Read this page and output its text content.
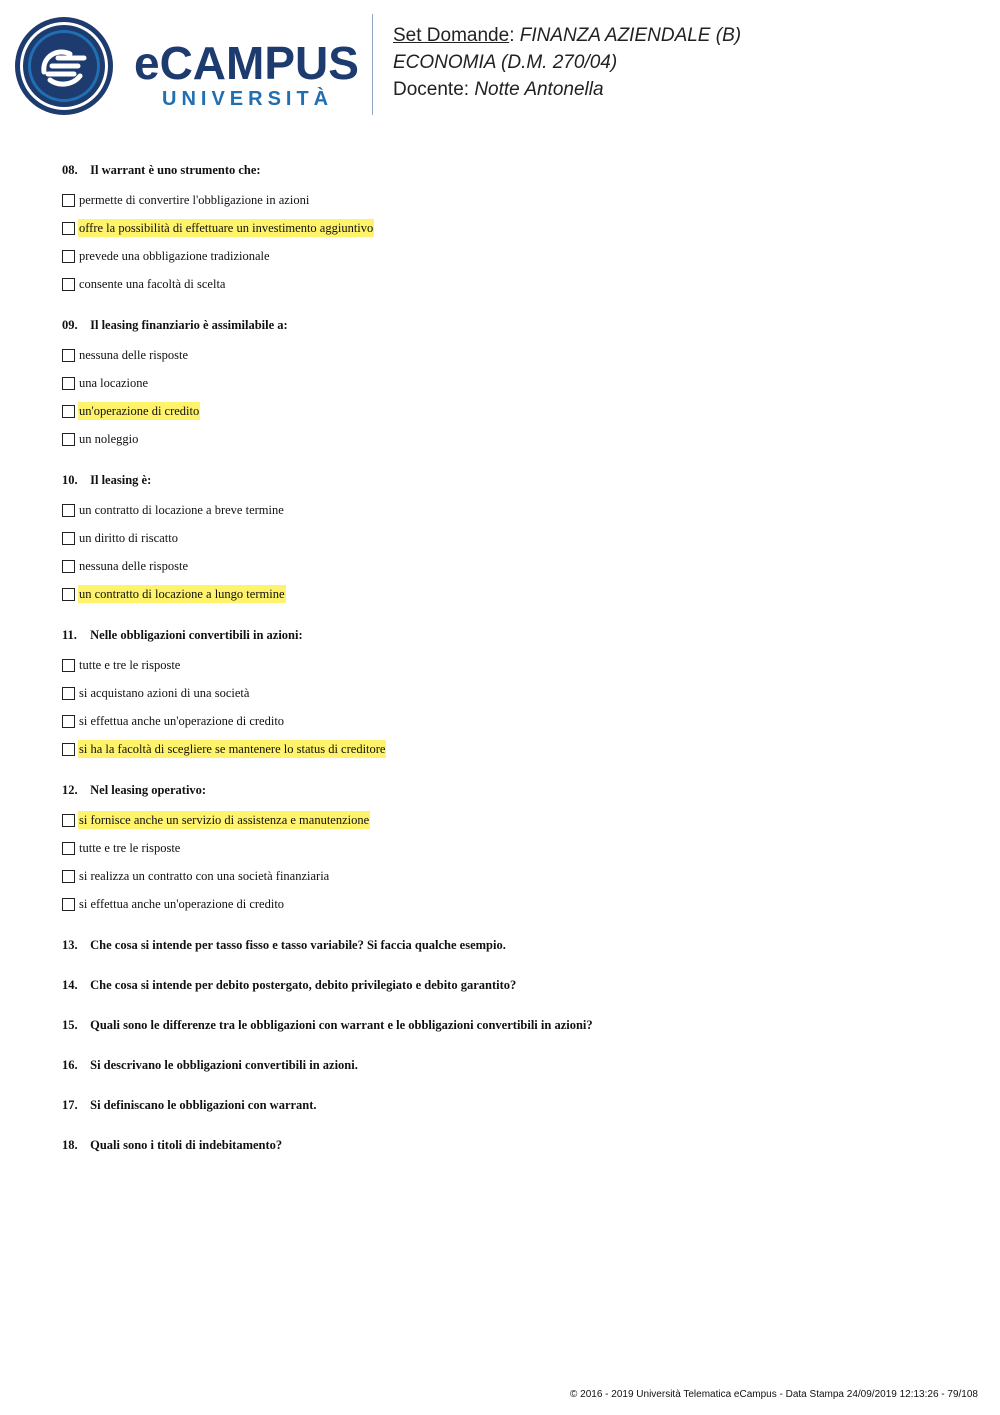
eCAMPUS
UNIVERSITÀ
Set Domande: FINANZA AZIENDALE (B)
ECONOMIA (D.M. 270/04)
Docente: Notte Antonella
08. Il warrant è uno strumento che:
permette di convertire l'obbligazione in azioni
offre la possibilità di effettuare un investimento aggiuntivo
prevede una obbligazione tradizionale
consente una facoltà di scelta
09. Il leasing finanziario è assimilabile a:
nessuna delle risposte
una locazione
un'operazione di credito
un noleggio
10. Il leasing è:
un contratto di locazione a breve termine
un diritto di riscatto
nessuna delle risposte
un contratto di locazione a lungo termine
11. Nelle obbligazioni convertibili in azioni:
tutte e tre le risposte
si acquistano azioni di una società
si effettua anche un'operazione di credito
si ha la facoltà di scegliere se mantenere lo status di creditore
12. Nel leasing operativo:
si fornisce anche un servizio di assistenza e manutenzione
tutte e tre le risposte
si realizza un contratto con una società finanziaria
si effettua anche un'operazione di credito
13. Che cosa si intende per tasso fisso e tasso variabile? Si faccia qualche esempio.
14. Che cosa si intende per debito postergato, debito privilegiato e debito garantito?
15. Quali sono le differenze tra le obbligazioni con warrant e le obbligazioni convertibili in azioni?
16. Si descrivano le obbligazioni convertibili in azioni.
17. Si definiscano le obbligazioni con warrant.
18. Quali sono i titoli di indebitamento?
© 2016 - 2019 Università Telematica eCampus - Data Stampa 24/09/2019 12:13:26 - 79/108
